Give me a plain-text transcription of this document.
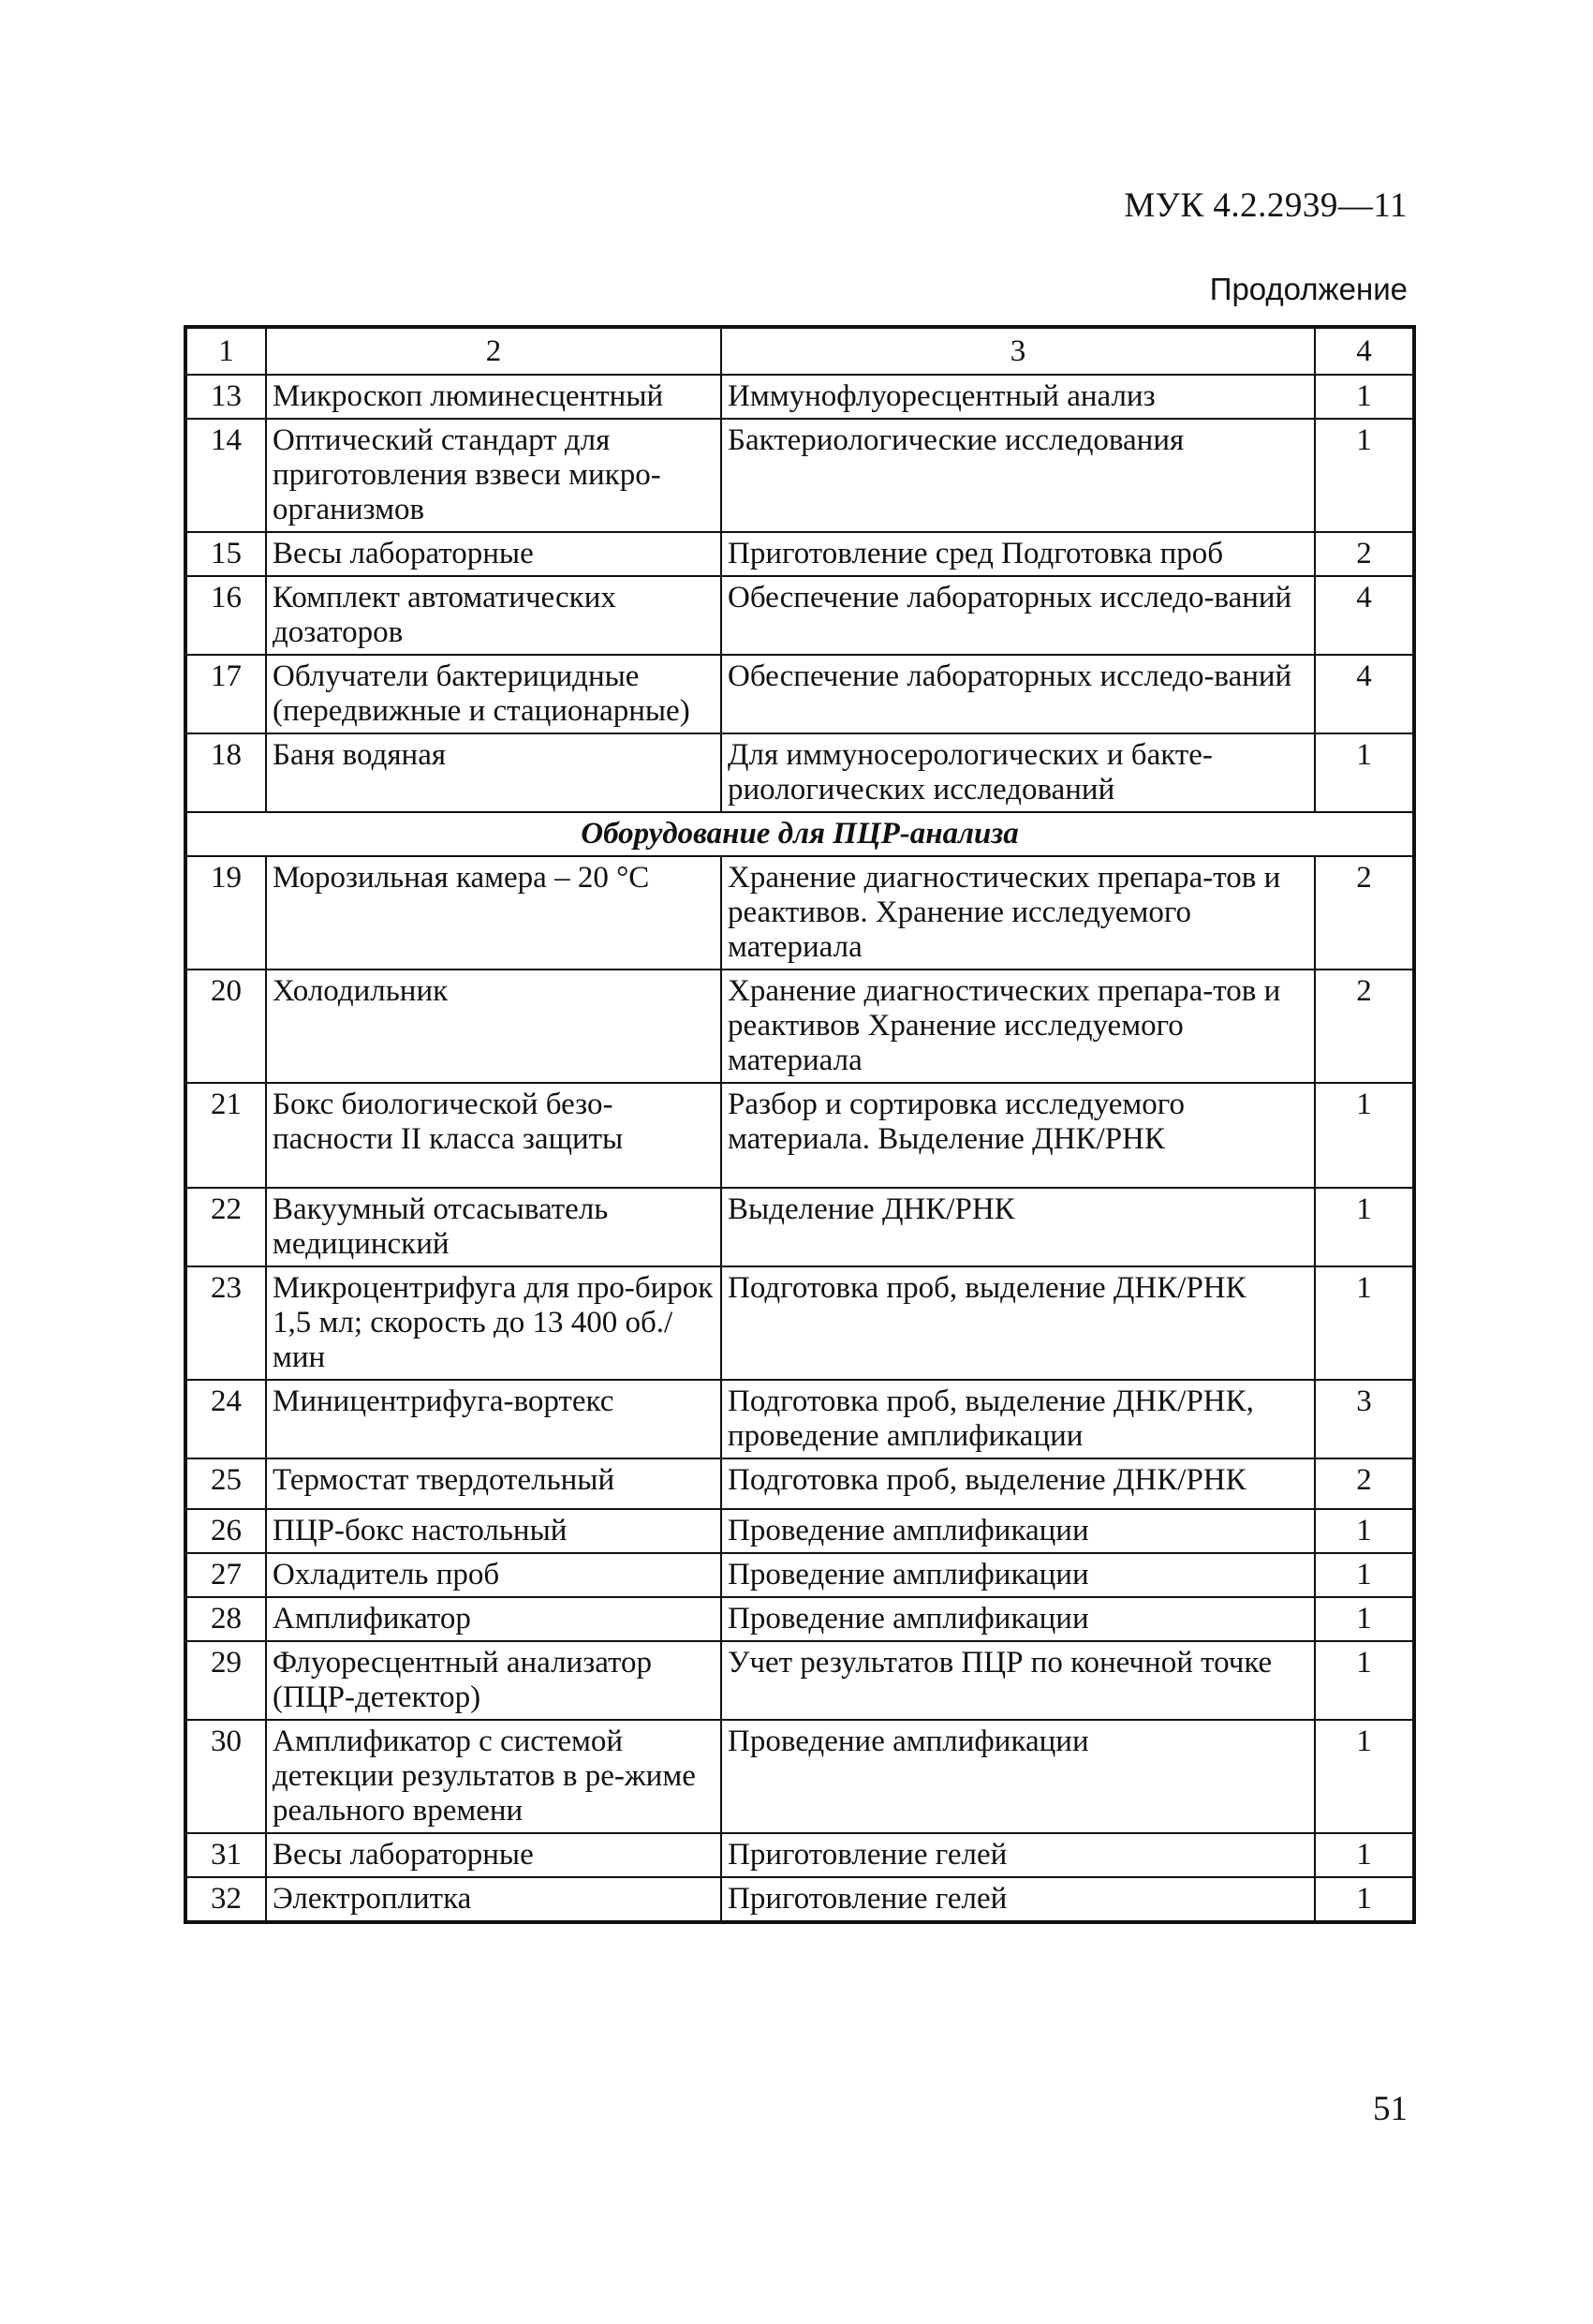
МУК 4.2.2939—11
Продолжение
1	2	3	4
13	Микроскоп люминесцентный	Иммунофлуоресцентный анализ	1
14	Оптический стандарт для приготовления взвеси микро-организмов	Бактериологические исследования	1
15	Весы лабораторные	Приготовление сред Подготовка проб	2
16	Комплект автоматических дозаторов	Обеспечение лабораторных исследо-ваний	4
17	Облучатели бактерицидные (передвижные и стационарные)	Обеспечение лабораторных исследо-ваний	4
18	Баня водяная	Для иммуносерологических и бакте-риологических исследований	1
Оборудование для ПЦР-анализа			
19	Морозильная камера – 20 °С	Хранение диагностических препара-тов и реактивов. Хранение исследуемого материала	2
20	Холодильник	Хранение диагностических препара-тов и реактивов Хранение исследуемого материала	2
21	Бокс биологической безо-пасности II класса защиты	Разбор и сортировка исследуемого материала. Выделение ДНК/РНК	1
22	Вакуумный отсасыватель медицинский	Выделение ДНК/РНК	1
23	Микроцентрифуга для про-бирок 1,5 мл; скорость до 13 400 об./мин	Подготовка проб, выделение ДНК/РНК	1
24	Миницентрифуга-вортекс	Подготовка проб, выделение ДНК/РНК, проведение амплификации	3
25	Термостат твердотельный	Подготовка проб, выделение ДНК/РНК	2
26	ПЦР-бокс настольный	Проведение амплификации	1
27	Охладитель проб	Проведение амплификации	1
28	Амплификатор	Проведение амплификации	1
29	Флуоресцентный анализатор (ПЦР-детектор)	Учет результатов ПЦР по конечной точке	1
30	Амплификатор с системой детекции результатов в ре-жиме реального времени	Проведение амплификации	1
31	Весы лабораторные	Приготовление гелей	1
32	Электроплитка	Приготовление гелей	1
51
